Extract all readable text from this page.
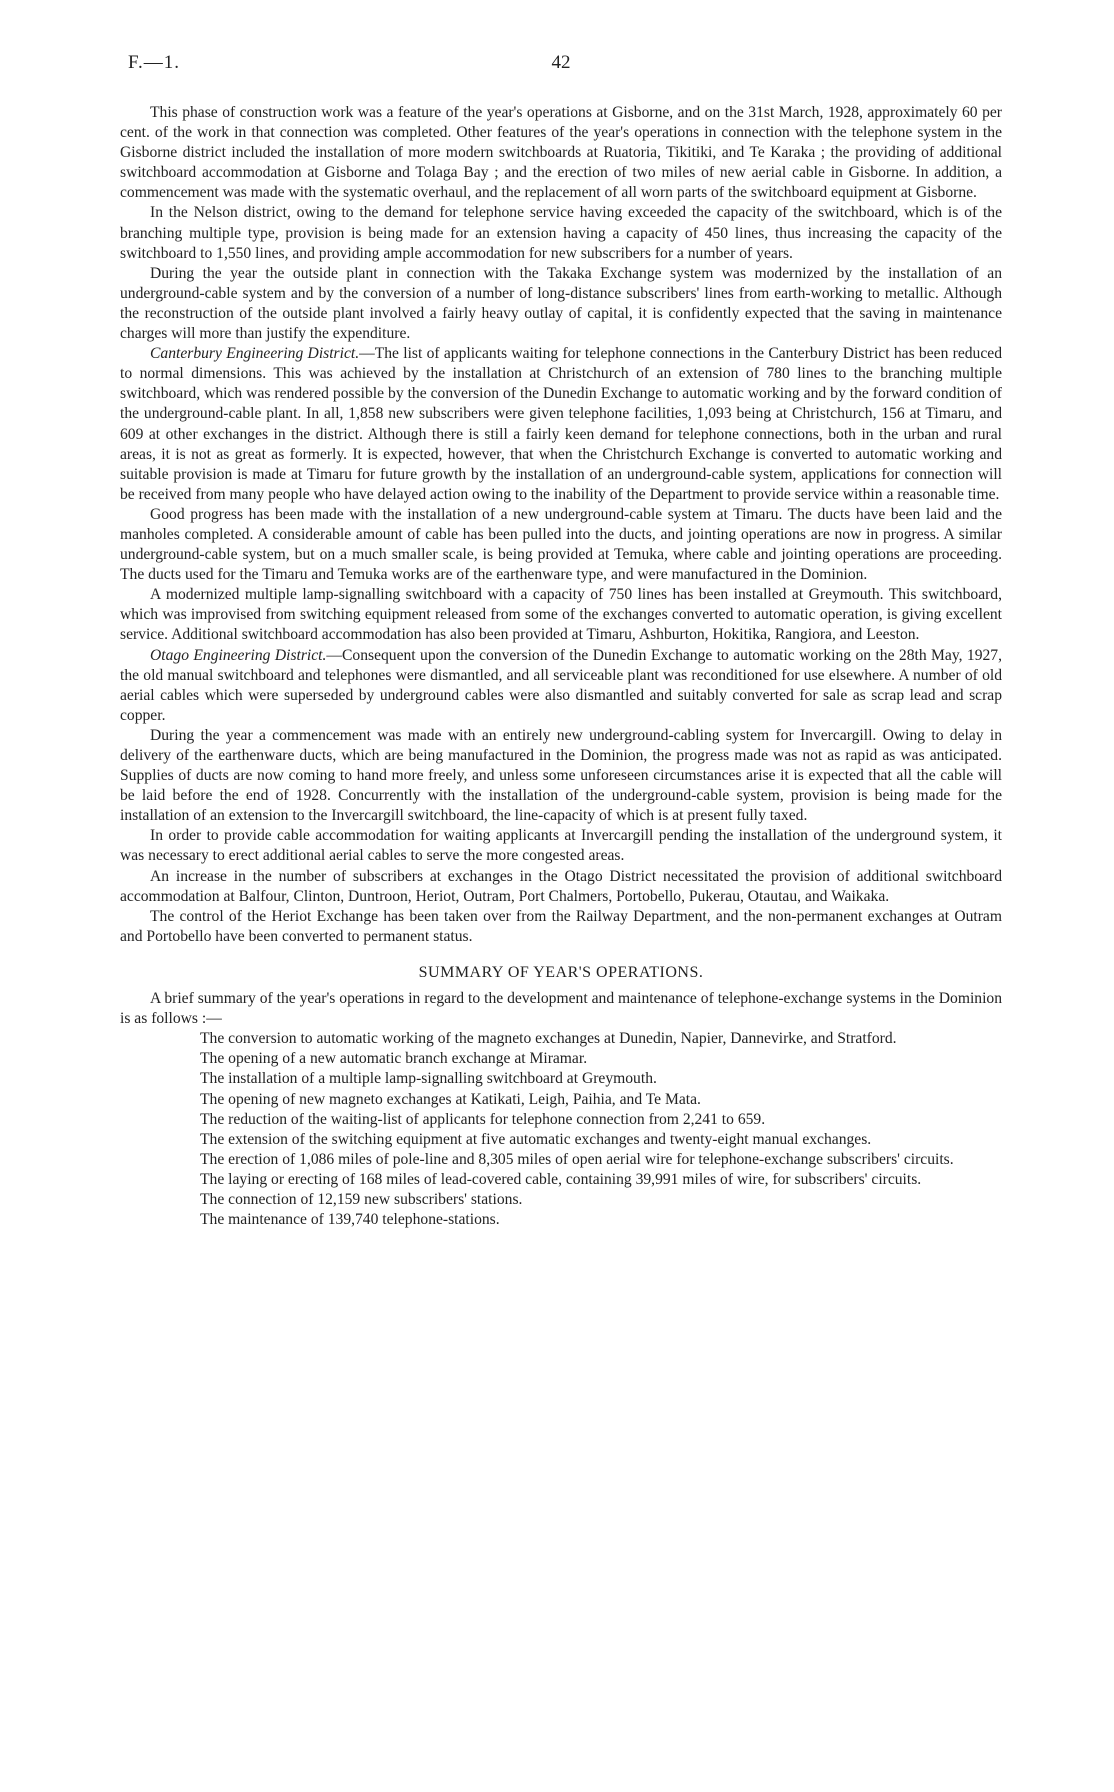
F.—1.	42

This phase of construction work was a feature of the year's operations at Gisborne, and on the 31st March, 1928, approximately 60 per cent. of the work in that connection was completed. Other features of the year's operations in connection with the telephone system in the Gisborne district included the installation of more modern switchboards at Ruatoria, Tikitiki, and Te Karaka ; the providing of additional switchboard accommodation at Gisborne and Tolaga Bay ; and the erection of two miles of new aerial cable in Gisborne. In addition, a commencement was made with the systematic overhaul, and the replacement of all worn parts of the switchboard equipment at Gisborne.

In the Nelson district, owing to the demand for telephone service having exceeded the capacity of the switchboard, which is of the branching multiple type, provision is being made for an extension having a capacity of 450 lines, thus increasing the capacity of the switchboard to 1,550 lines, and providing ample accommodation for new subscribers for a number of years.

During the year the outside plant in connection with the Takaka Exchange system was modernized by the installation of an underground-cable system and by the conversion of a number of long-distance subscribers' lines from earth-working to metallic. Although the reconstruction of the outside plant involved a fairly heavy outlay of capital, it is confidently expected that the saving in maintenance charges will more than justify the expenditure.

Canterbury Engineering District.—The list of applicants waiting for telephone connections in the Canterbury District has been reduced to normal dimensions. This was achieved by the installation at Christchurch of an extension of 780 lines to the branching multiple switchboard, which was rendered possible by the conversion of the Dunedin Exchange to automatic working and by the forward condition of the underground-cable plant. In all, 1,858 new subscribers were given telephone facilities, 1,093 being at Christchurch, 156 at Timaru, and 609 at other exchanges in the district. Although there is still a fairly keen demand for telephone connections, both in the urban and rural areas, it is not as great as formerly. It is expected, however, that when the Christchurch Exchange is converted to automatic working and suitable provision is made at Timaru for future growth by the installation of an underground-cable system, applications for connection will be received from many people who have delayed action owing to the inability of the Department to provide service within a reasonable time.

Good progress has been made with the installation of a new underground-cable system at Timaru. The ducts have been laid and the manholes completed. A considerable amount of cable has been pulled into the ducts, and jointing operations are now in progress. A similar underground-cable system, but on a much smaller scale, is being provided at Temuka, where cable and jointing operations are proceeding. The ducts used for the Timaru and Temuka works are of the earthenware type, and were manufactured in the Dominion.

A modernized multiple lamp-signalling switchboard with a capacity of 750 lines has been installed at Greymouth. This switchboard, which was improvised from switching equipment released from some of the exchanges converted to automatic operation, is giving excellent service. Additional switchboard accommodation has also been provided at Timaru, Ashburton, Hokitika, Rangiora, and Leeston.

Otago Engineering District.—Consequent upon the conversion of the Dunedin Exchange to automatic working on the 28th May, 1927, the old manual switchboard and telephones were dismantled, and all serviceable plant was reconditioned for use elsewhere. A number of old aerial cables which were superseded by underground cables were also dismantled and suitably converted for sale as scrap lead and scrap copper.

During the year a commencement was made with an entirely new underground-cabling system for Invercargill. Owing to delay in delivery of the earthenware ducts, which are being manufactured in the Dominion, the progress made was not as rapid as was anticipated. Supplies of ducts are now coming to hand more freely, and unless some unforeseen circumstances arise it is expected that all the cable will be laid before the end of 1928. Concurrently with the installation of the underground-cable system, provision is being made for the installation of an extension to the Invercargill switchboard, the line-capacity of which is at present fully taxed.

In order to provide cable accommodation for waiting applicants at Invercargill pending the installation of the underground system, it was necessary to erect additional aerial cables to serve the more congested areas.

An increase in the number of subscribers at exchanges in the Otago District necessitated the provision of additional switchboard accommodation at Balfour, Clinton, Duntroon, Heriot, Outram, Port Chalmers, Portobello, Pukerau, Otautau, and Waikaka.

The control of the Heriot Exchange has been taken over from the Railway Department, and the non-permanent exchanges at Outram and Portobello have been converted to permanent status.

SUMMARY OF YEAR'S OPERATIONS.

A brief summary of the year's operations in regard to the development and maintenance of telephone-exchange systems in the Dominion is as follows :—

The conversion to automatic working of the magneto exchanges at Dunedin, Napier, Dannevirke, and Stratford.
The opening of a new automatic branch exchange at Miramar.
The installation of a multiple lamp-signalling switchboard at Greymouth.
The opening of new magneto exchanges at Katikati, Leigh, Paihia, and Te Mata.
The reduction of the waiting-list of applicants for telephone connection from 2,241 to 659.
The extension of the switching equipment at five automatic exchanges and twenty-eight manual exchanges.
The erection of 1,086 miles of pole-line and 8,305 miles of open aerial wire for telephone-exchange subscribers' circuits.
The laying or erecting of 168 miles of lead-covered cable, containing 39,991 miles of wire, for subscribers' circuits.
The connection of 12,159 new subscribers' stations.
The maintenance of 139,740 telephone-stations.
